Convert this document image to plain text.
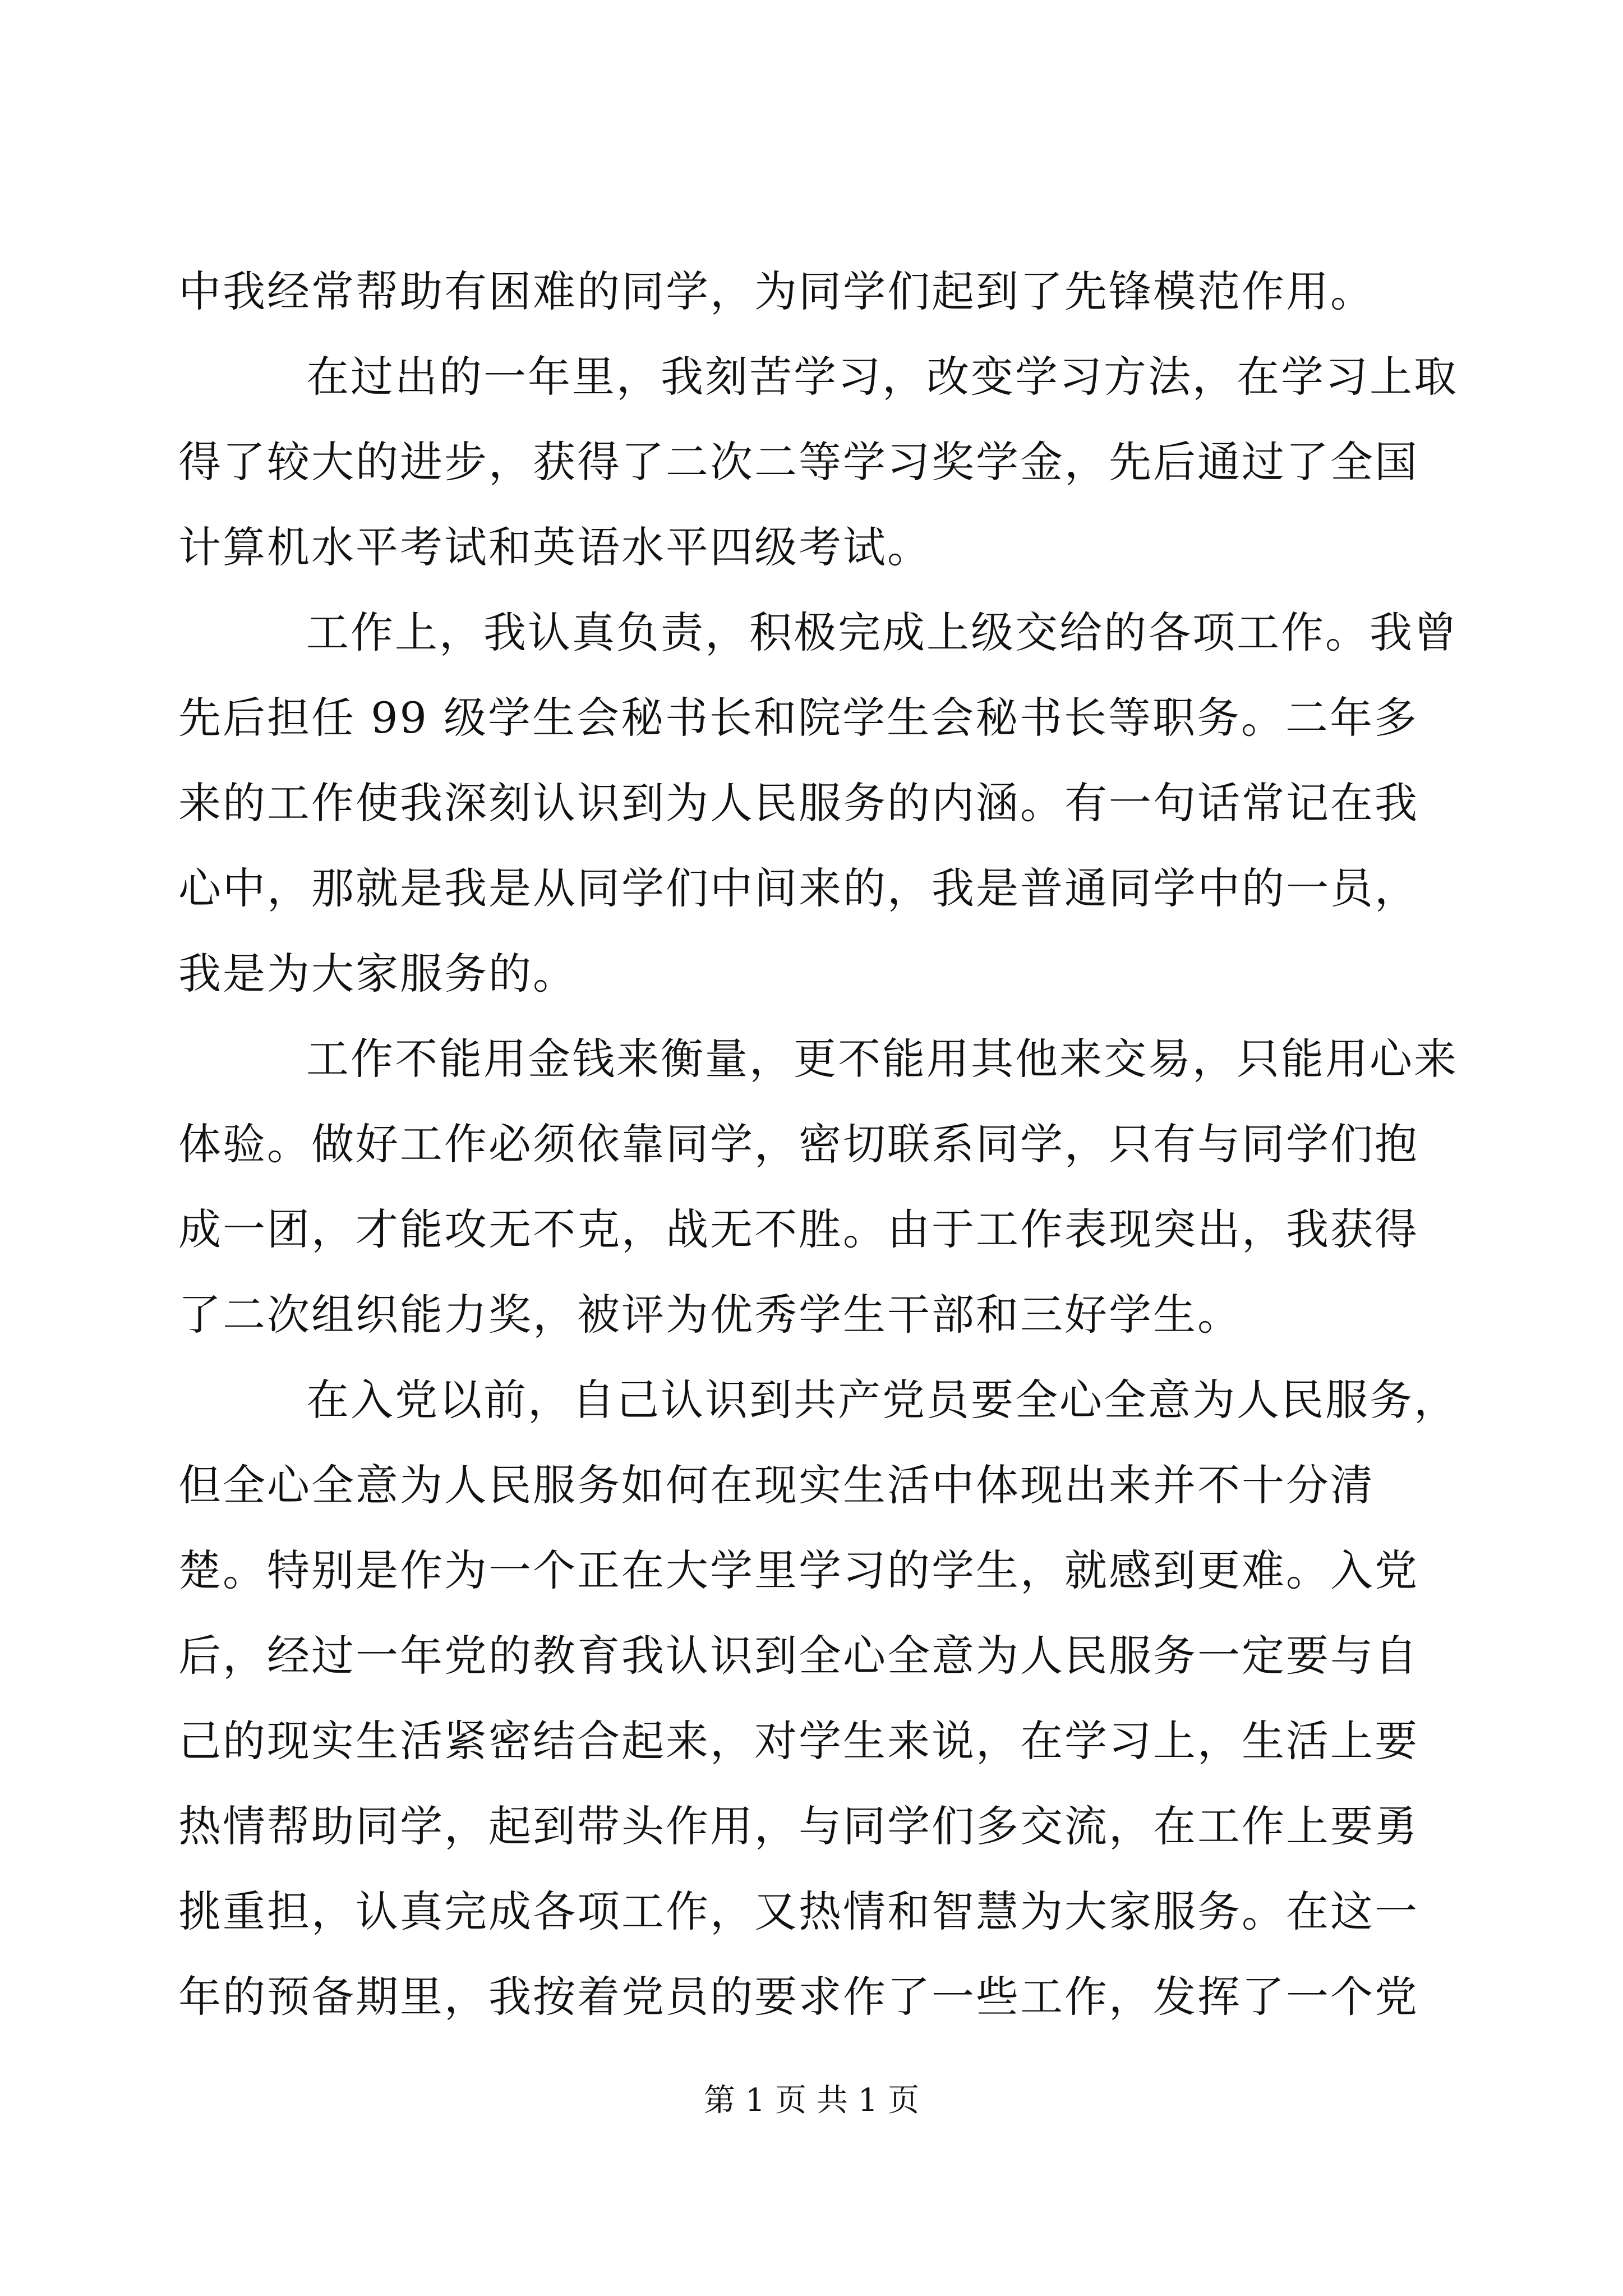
中我经常帮助有困难的同学，为同学们起到了先锋模范作用。
在过出的一年里，我刻苦学习，改变学习方法，在学习上取
得了较大的进步，获得了二次二等学习奖学金，先后通过了全国
计算机水平考试和英语水平四级考试。
工作上，我认真负责，积极完成上级交给的各项工作。我曾
先后担任 99 级学生会秘书长和院学生会秘书长等职务。二年多
来的工作使我深刻认识到为人民服务的内涵。有一句话常记在我
心中，那就是我是从同学们中间来的，我是普通同学中的一员，
我是为大家服务的。
工作不能用金钱来衡量，更不能用其他来交易，只能用心来
体验。做好工作必须依靠同学，密切联系同学，只有与同学们抱
成一团，才能攻无不克，战无不胜。由于工作表现突出，我获得
了二次组织能力奖，被评为优秀学生干部和三好学生。
在入党以前，自己认识到共产党员要全心全意为人民服务，
但全心全意为人民服务如何在现实生活中体现出来并不十分清
楚。特别是作为一个正在大学里学习的学生，就感到更难。入党
后，经过一年党的教育我认识到全心全意为人民服务一定要与自
己的现实生活紧密结合起来，对学生来说，在学习上，生活上要
热情帮助同学，起到带头作用，与同学们多交流，在工作上要勇
挑重担，认真完成各项工作，又热情和智慧为大家服务。在这一
年的预备期里，我按着党员的要求作了一些工作，发挥了一个党
第 1 页 共 1 页
